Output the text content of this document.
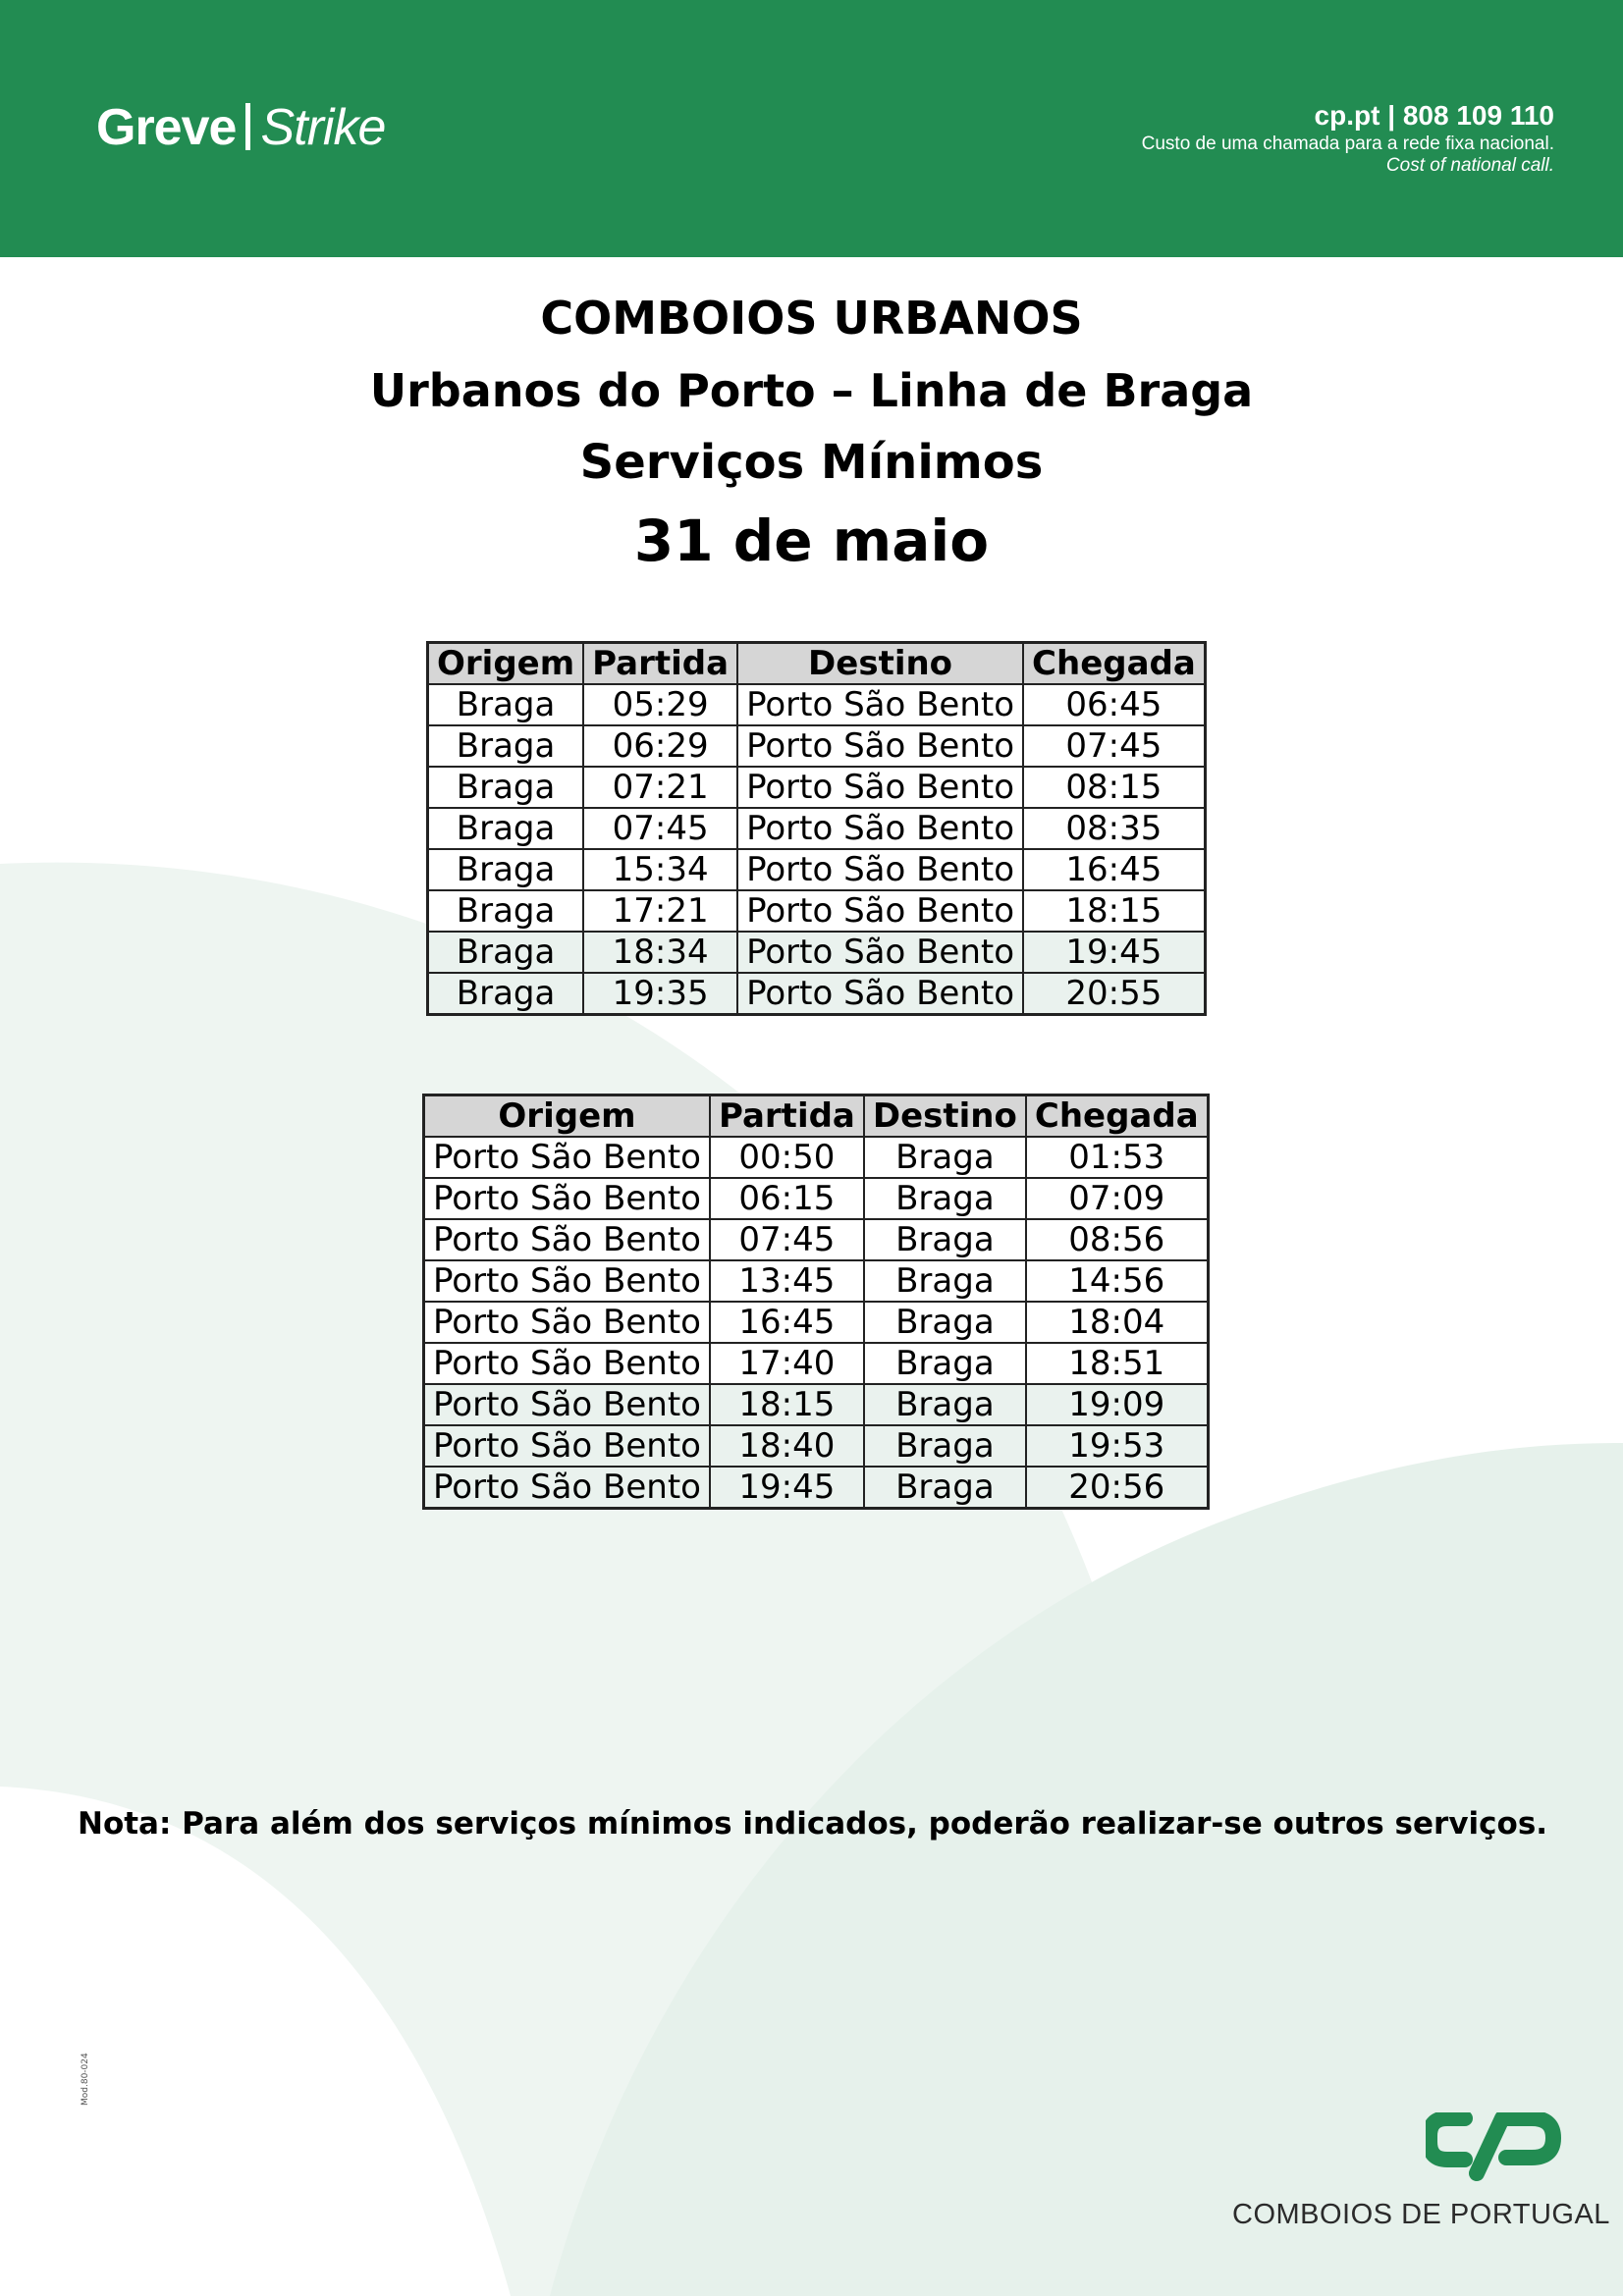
Greve Strike	cp.pt | 808 109 110
Custo de uma chamada para a rede fixa nacional.
Cost of national call.
COMBOIOS URBANOS
Urbanos do Porto – Linha de Braga
Serviços Mínimos
31 de maio
Origem	Partida	Destino	Chegada
Braga	05:29	Porto São Bento	06:45
Braga	06:29	Porto São Bento	07:45
Braga	07:21	Porto São Bento	08:15
Braga	07:45	Porto São Bento	08:35
Braga	15:34	Porto São Bento	16:45
Braga	17:21	Porto São Bento	18:15
Braga	18:34	Porto São Bento	19:45
Braga	19:35	Porto São Bento	20:55
Origem	Partida	Destino	Chegada
Porto São Bento	00:50	Braga	01:53
Porto São Bento	06:15	Braga	07:09
Porto São Bento	07:45	Braga	08:56
Porto São Bento	13:45	Braga	14:56
Porto São Bento	16:45	Braga	18:04
Porto São Bento	17:40	Braga	18:51
Porto São Bento	18:15	Braga	19:09
Porto São Bento	18:40	Braga	19:53
Porto São Bento	19:45	Braga	20:56
Nota: Para além dos serviços mínimos indicados, poderão realizar-se outros serviços.
Mod.80-024
COMBOIOS DE PORTUGAL
